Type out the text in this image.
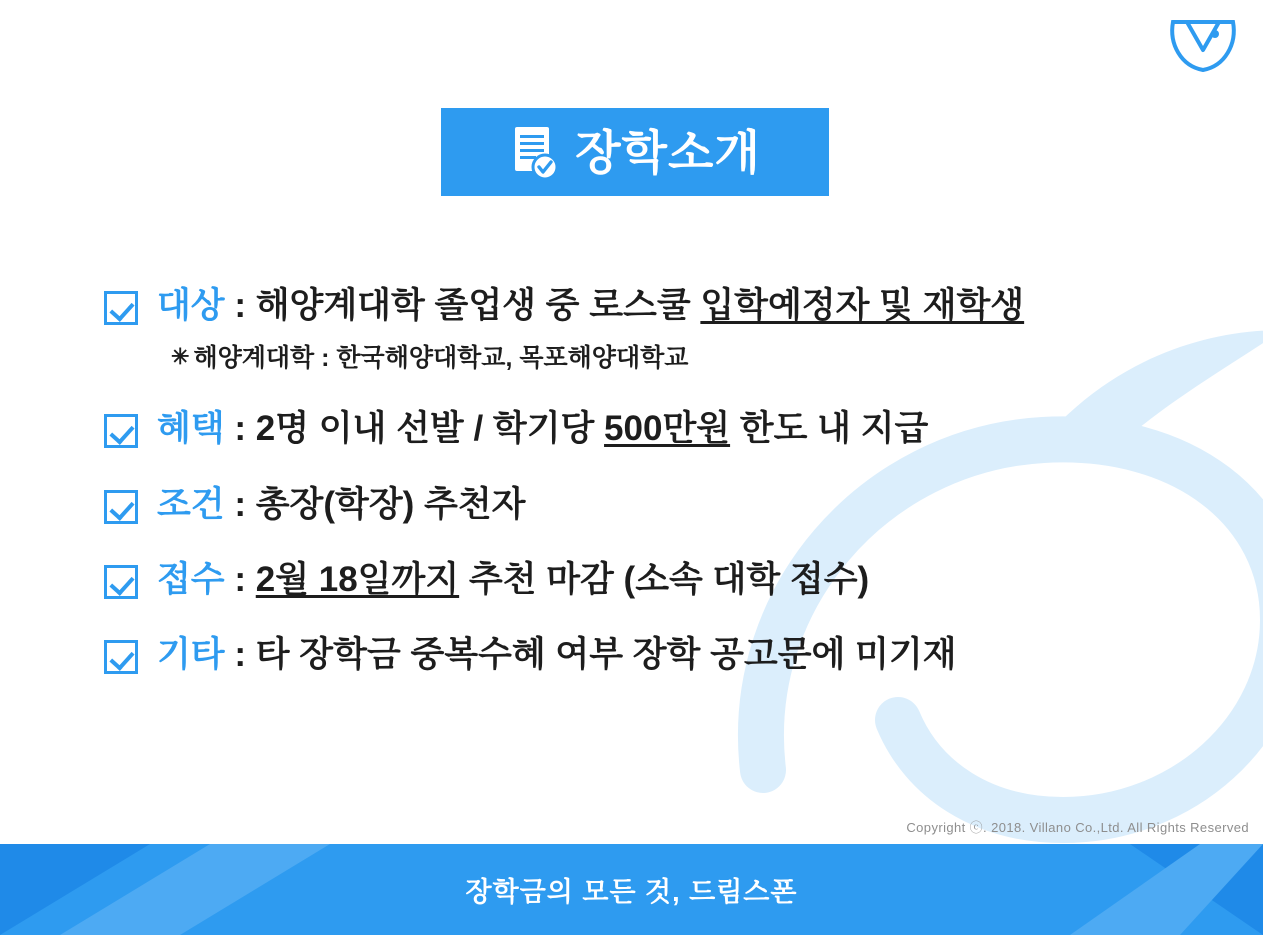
장학소개
대상 : 해양계대학 졸업생 중 로스쿨 입학예정자 및 재학생
✳ 해양계대학 : 한국해양대학교, 목포해양대학교
혜택 : 2명 이내 선발 / 학기당 500만원 한도 내 지급
조건 : 총장(학장) 추천자
접수 : 2월 18일까지 추천 마감 (소속 대학 접수)
기타 : 타 장학금 중복수혜 여부 장학 공고문에 미기재
Copyright ⓒ. 2018. Villano Co.,Ltd. All Rights Reserved
장학금의 모든 것, 드림스폰
